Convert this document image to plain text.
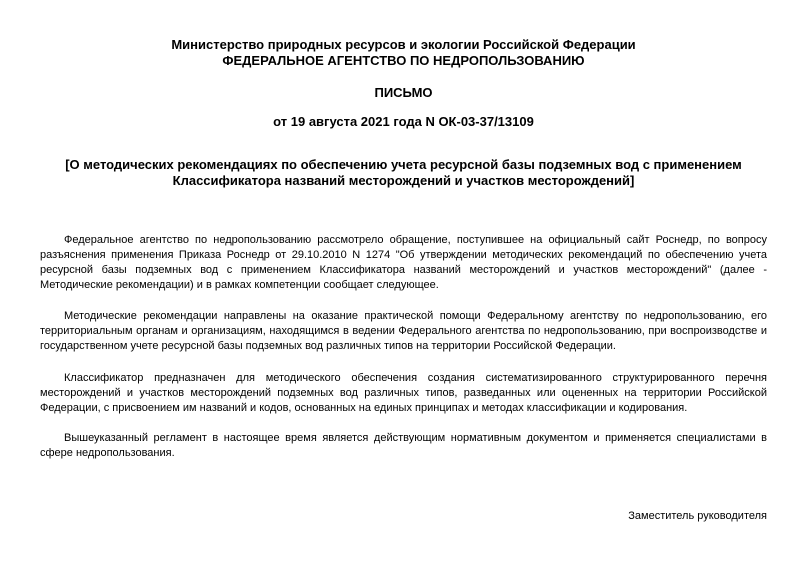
Министерство природных ресурсов и экологии Российской Федерации
ФЕДЕРАЛЬНОЕ АГЕНТСТВО ПО НЕДРОПОЛЬЗОВАНИЮ
ПИСЬМО
от 19 августа 2021 года N ОК-03-37/13109
[О методических рекомендациях по обеспечению учета ресурсной базы подземных вод с применением
Классификатора названий месторождений и участков месторождений]

Федеральное агентство по недропользованию рассмотрело обращение, поступившее на официальный сайт Роснедр, по вопросу разъяснения применения Приказа Роснедр от 29.10.2010 N 1274 "Об утверждении методических рекомендаций по обеспечению учета ресурсной базы подземных вод с применением Классификатора названий месторождений и участков месторождений" (далее - Методические рекомендации) и в рамках компетенции сообщает следующее.

Методические рекомендации направлены на оказание практической помощи Федеральному агентству по недропользованию, его территориальным органам и организациям, находящимся в ведении Федерального агентства по недропользованию, при воспроизводстве и государственном учете ресурсной базы подземных вод различных типов на территории Российской Федерации.

Классификатор предназначен для методического обеспечения создания систематизированного структурированного перечня месторождений и участков месторождений подземных вод различных типов, разведанных или оцененных на территории Российской Федерации, с присвоением им названий и кодов, основанных на единых принципах и методах классификации и кодирования.

Вышеуказанный регламент в настоящее время является действующим нормативным документом и применяется специалистами в сфере недропользования.

Заместитель руководителя
